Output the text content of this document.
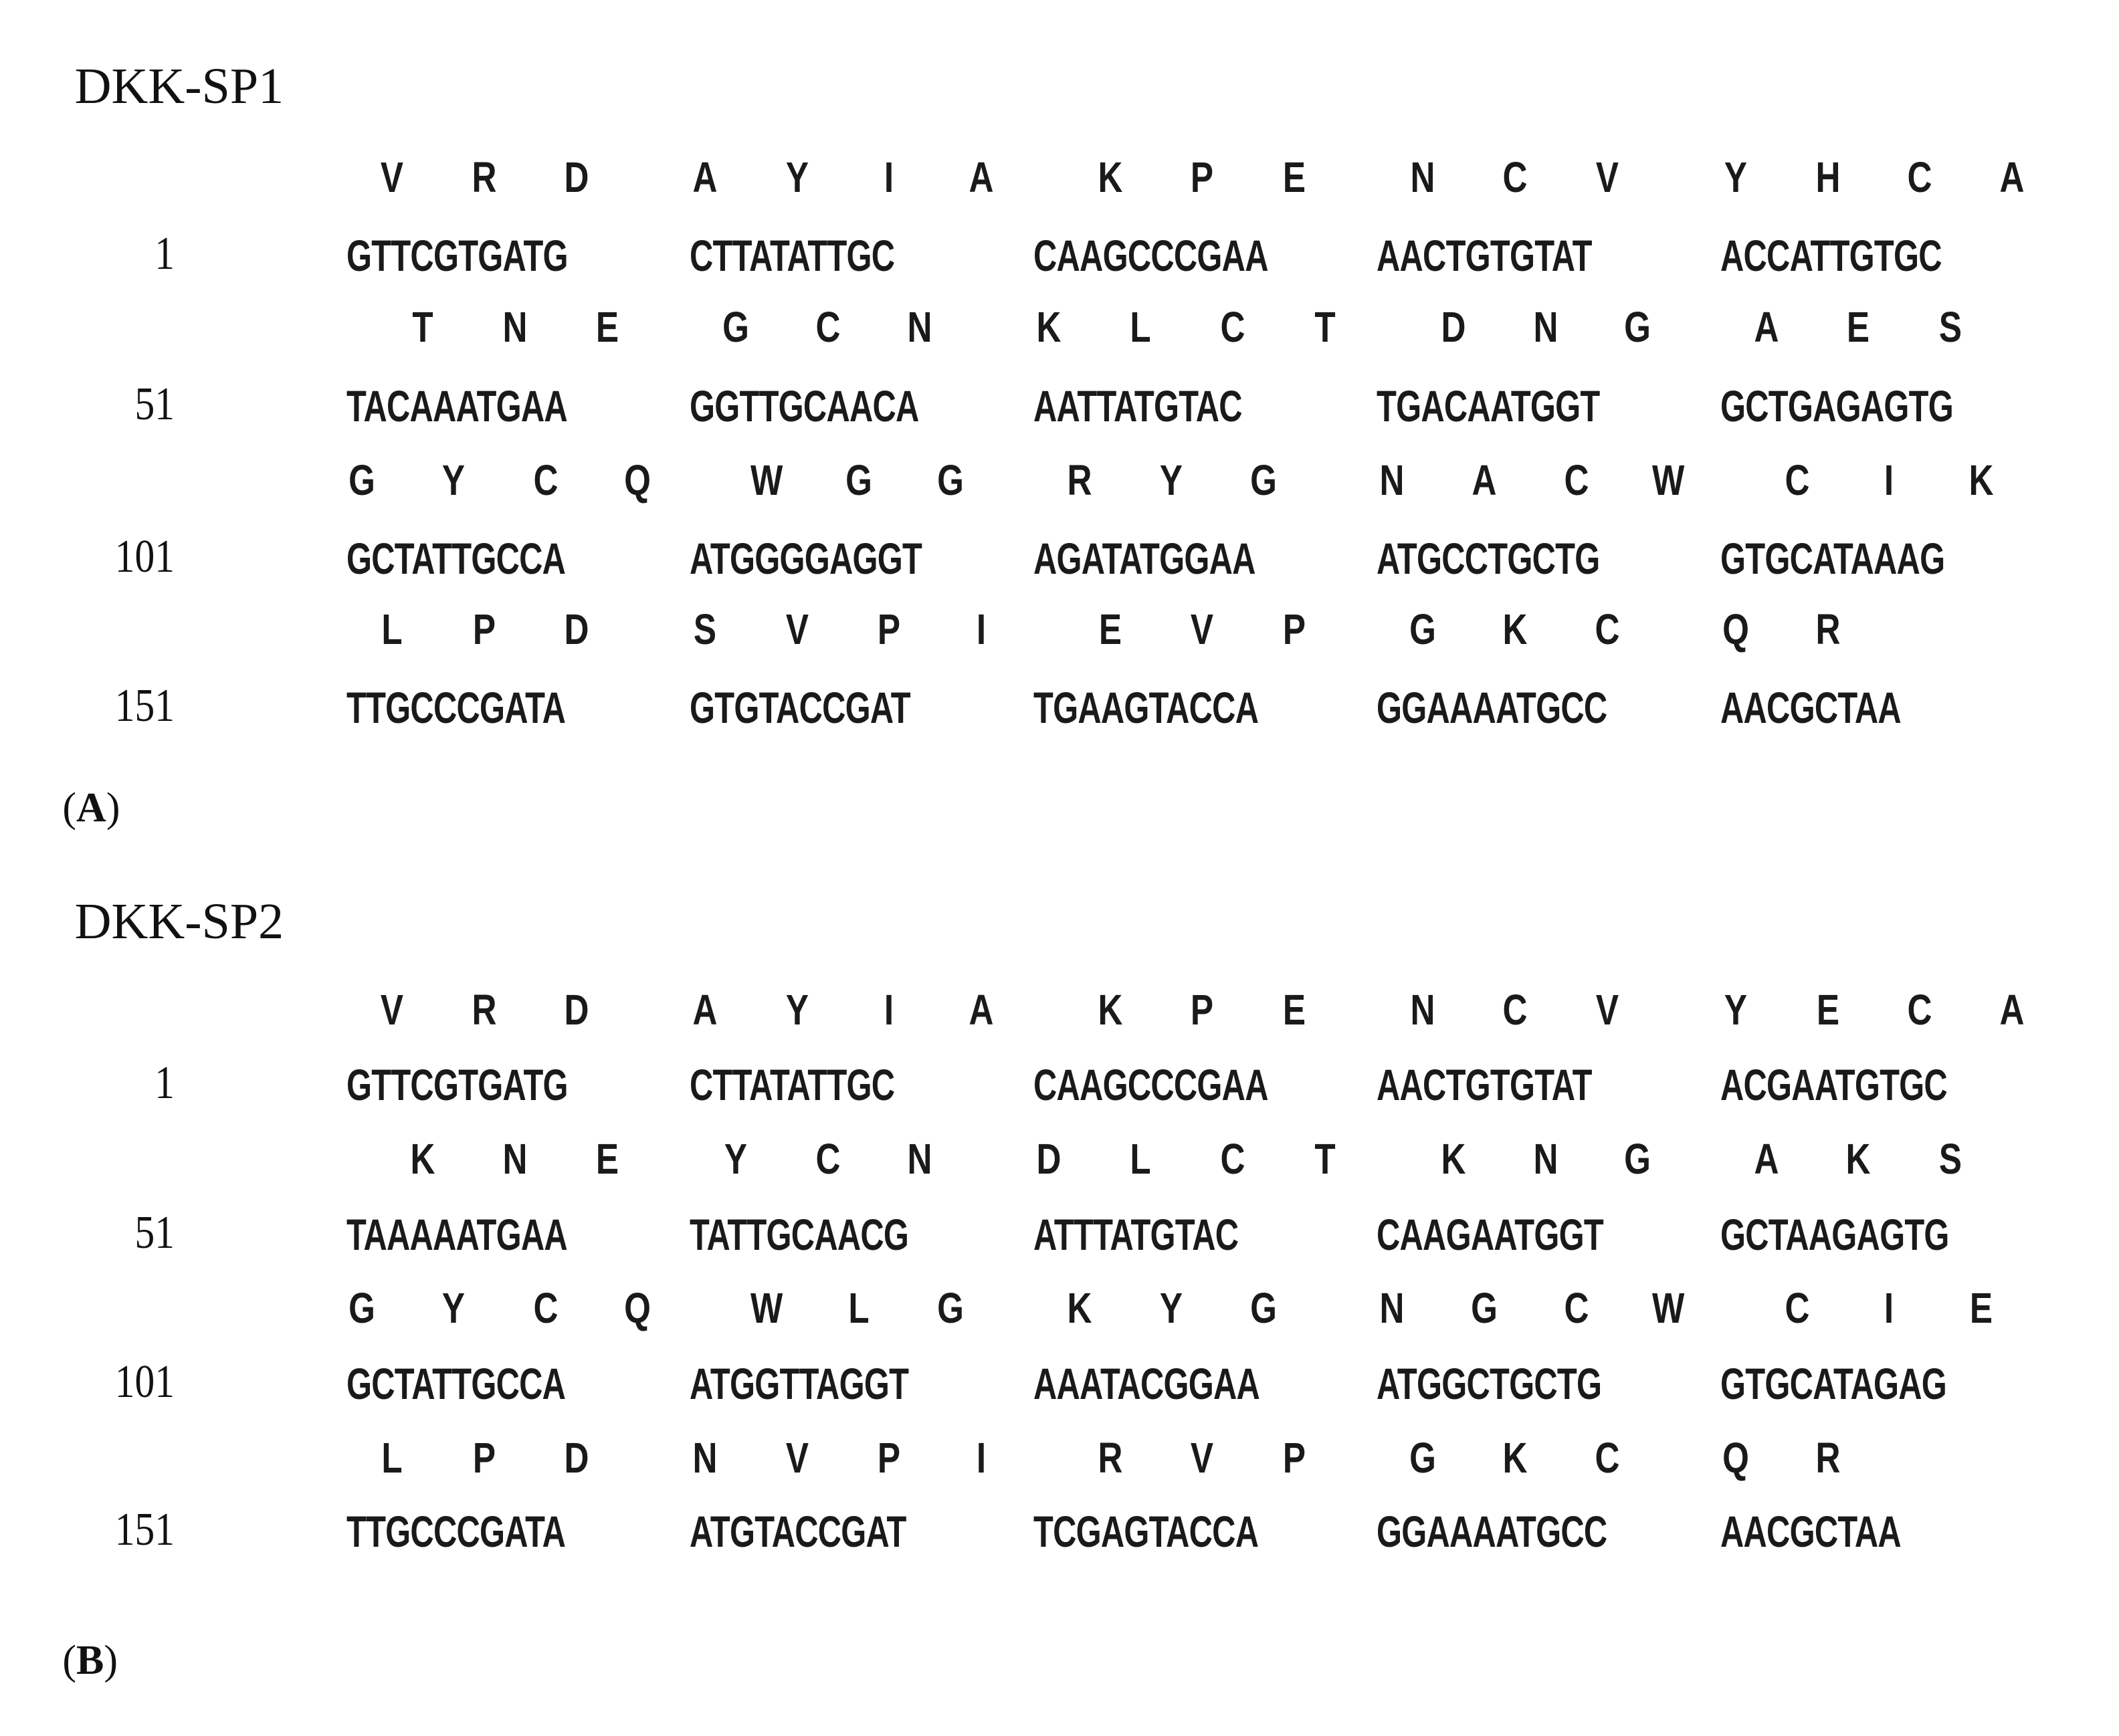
DKK-SP1
(A)
1	GTTCGTGATG	CTTATATTGC	CAAGCCCGAA AACTGTGTAT	ACCATTGTGC
V R D A Y I A K P E N C V Y H C A
51	TACAAATGAA	GGTTGCAACA	AATTATGTAC	TGACAATGGT	GCTGAGAGTG
T N E G C N K L C T D N G A E S
101	GCTATTGCCA	ATGGGGAGGT	AGATATGGAA	ATGCCTGCTG	GTGCATAAAG
G Y C Q W G G R Y G N A C W C I K
151	TTGCCCGATA	GTGTACCGAT	TGAAGTACCA	GGAAAATGCC	AACGCTAA
L P D S V P I	E V P G K C Q R
DKK-SP2
(B)
1	GTTCGTGATG	CTTATATTGC	CAAGCCCGAA AACTGTGTAT	ACGAATGTGC
V R D A Y I A K P E N C V Y E C A
51	TAAAAATGAA	TATTGCAACG	ATTTATGTAC	CAAGAATGGT	GCTAAGAGTG
K N E Y C N D L C T K N G A K S
101	GCTATTGCCA	ATGGTTAGGT	AAATACGGAA	ATGGCTGCTG	GTGCATAGAG
G Y C Q W L G K Y G N G C W C I E
151	TTGCCCGATA	ATGTACCGAT	TCGAGTACCA	GGAAAATGCC	AACGCTAA
L P D N V P I	R V P G K C Q R
